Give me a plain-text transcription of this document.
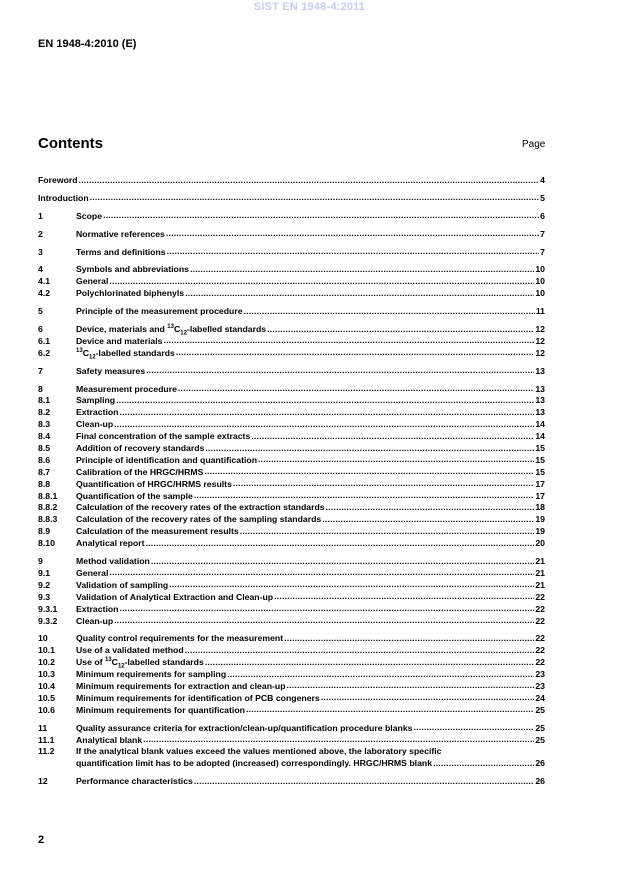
SIST EN 1948-4:2011
EN 1948-4:2010 (E)
Contents	Page
Foreword .....	4
Introduction .....	5
1	Scope .....	6
2	Normative references .....	7
3	Terms and definitions .....	7
4	Symbols and abbreviations .....	10
4.1	General .....	10
4.2	Polychlorinated biphenyls .....	10
5	Principle of the measurement procedure .....	11
6	Device, materials and $^{13}C_{12}$-labelled standards .....	12
6.1	Device and materials .....	12
6.2	$^{13}C_{12}$-labelled standards .....	12
7	Safety measures .....	13
8	Measurement procedure .....	13
8.1	Sampling .....	13
8.2	Extraction .....	13
8.3	Clean-up .....	14
8.4	Final concentration of the sample extracts .....	14
8.5	Addition of recovery standards .....	15
8.6	Principle of identification and quantification .....	15
8.7	Calibration of the HRGC/HRMS .....	15
8.8	Quantification of HRGC/HRMS results .....	17
8.8.1	Quantification of the sample .....	17
8.8.2	Calculation of the recovery rates of the extraction standards .....	18
8.8.3	Calculation of the recovery rates of the sampling standards .....	19
8.9	Calculation of the measurement results .....	19
8.10	Analytical report .....	20
9	Method validation .....	21
9.1	General .....	21
9.2	Validation of sampling .....	21
9.3	Validation of Analytical Extraction and Clean-up .....	22
9.3.1	Extraction .....	22
9.3.2	Clean-up .....	22
10	Quality control requirements for the measurement .....	22
10.1	Use of a validated method .....	22
10.2	Use of $^{13}C_{12}$-labelled standards .....	22
10.3	Minimum requirements for sampling .....	23
10.4	Minimum requirements for extraction and clean-up .....	23
10.5	Minimum requirements for identification of PCB congeners .....	24
10.6	Minimum requirements for quantification .....	25
11	Quality assurance criteria for extraction/clean-up/quantification procedure blanks .....	25
11.1	Analytical blank .....	25
11.2	If the analytical blank values exceed the values mentioned above, the laboratory specific
quantification limit has to be adopted (increased) correspondingly. HRGC/HRMS blank .....	26
12	Performance characteristics .....	26
2
